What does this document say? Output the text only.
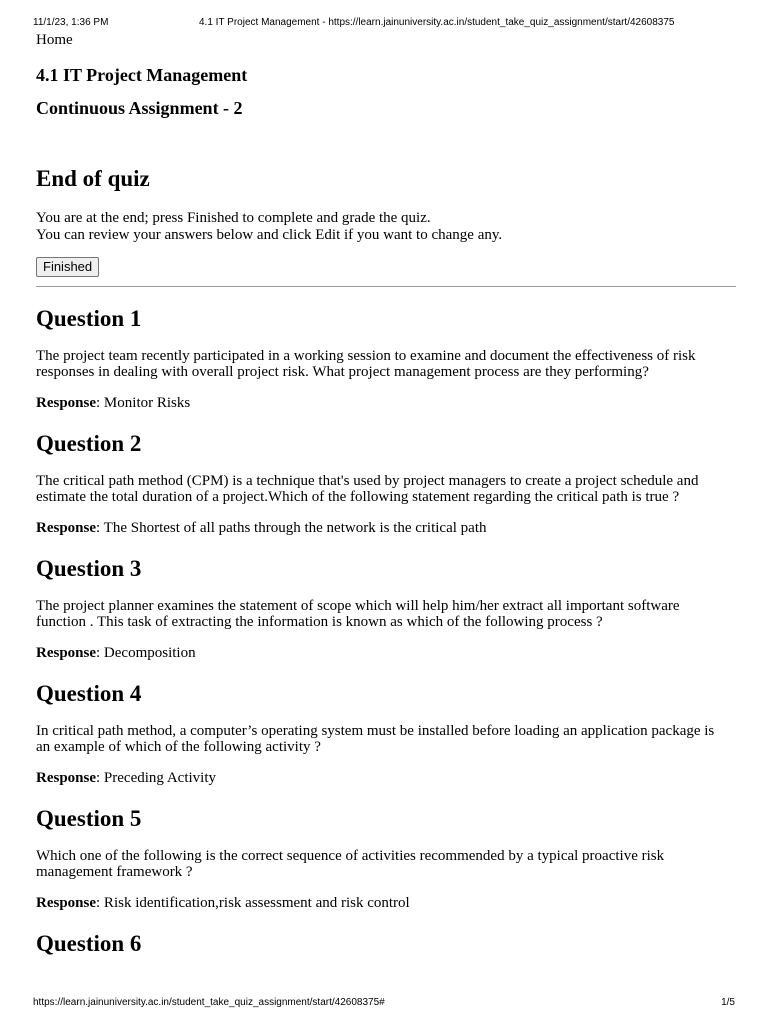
11/1/23, 1:36 PM	4.1 IT Project Management - https://learn.jainuniversity.ac.in/student_take_quiz_assignment/start/42608375
Home
4.1 IT Project Management
Continuous Assignment - 2
End of quiz
You are at the end; press Finished to complete and grade the quiz.
You can review your answers below and click Edit if you want to change any.
Finished
Question 1

The project team recently participated in a working session to examine and document the effectiveness of risk responses in dealing with overall project risk. What project management process are they performing?

Response: Monitor Risks

Question 2

The critical path method (CPM) is a technique that's used by project managers to create a project schedule and estimate the total duration of a project.Which of the following statement regarding the critical path is true ?

Response: The Shortest of all paths through the network is the critical path

Question 3

The project planner examines the statement of scope which will help him/her extract all important software function . This task of extracting the information is known as which of the following process ?

Response: Decomposition

Question 4

In critical path method, a computer’s operating system must be installed before loading an application package is an example of which of the following activity ?

Response: Preceding Activity

Question 5

Which one of the following is the correct sequence of activities recommended by a typical proactive risk management framework ?

Response: Risk identification,risk assessment and risk control

Question 6
https://learn.jainuniversity.ac.in/student_take_quiz_assignment/start/42608375#	1/5
